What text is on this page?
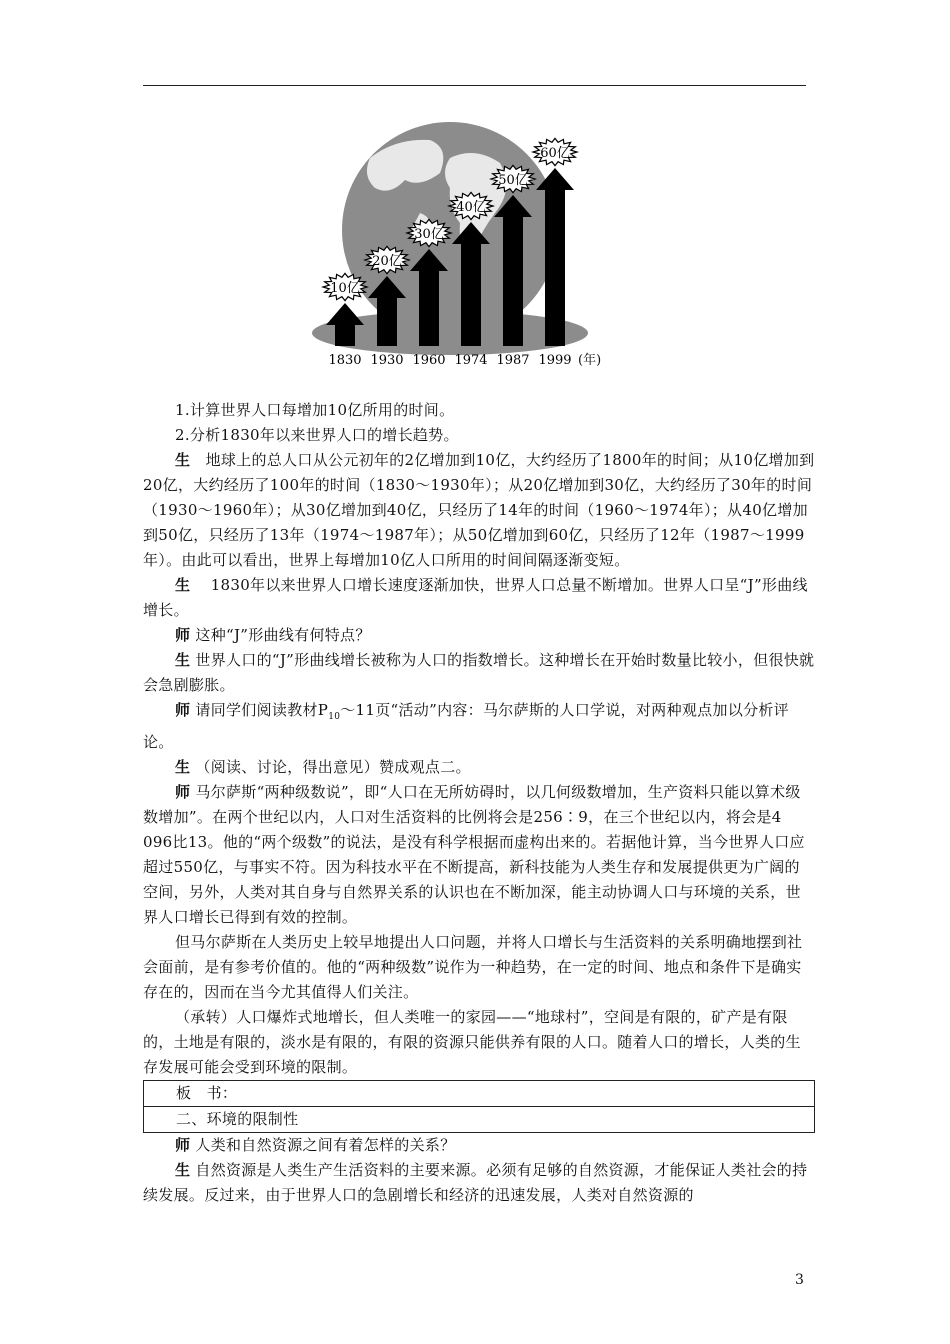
10亿
20亿
30亿
40亿
50亿
60亿
1830 1930 1960 1974 1987 1999 (年)

1.计算世界人口每增加10亿所用的时间。

2.分析1830年以来世界人口的增长趋势。

生　 地球上的总人口从公元初年的2亿增加到10亿，大约经历了1800年的时间；从10亿增加到20亿，大约经历了100年的时间（1830～1930年）；从20亿增加到30亿，大约经历了30年的时间（1930～1960年）；从30亿增加到40亿，只经历了14年的时间（1960～1974年）；从40亿增加到50亿，只经历了13年（1974～1987年）；从50亿增加到60亿，只经历了12年（1987～1999年）。由此可以看出，世界上每增加10亿人口所用的时间间隔逐渐变短。

生　 1830年以来世界人口增长速度逐渐加快，世界人口总量不断增加。世界人口呈“J”形曲线增长。

师 这种“J”形曲线有何特点？

生 世界人口的“J”形曲线增长被称为人口的指数增长。这种增长在开始时数量比较小，但很快就会急剧膨胀。

师 请同学们阅读教材$P_{10}\sim 11$页“活动”内容：马尔萨斯的人口学说，对两种观点加以分析评论。

生 （阅读、讨论，得出意见）赞成观点二。

师 马尔萨斯“两种级数说”，即“人口在无所妨碍时，以几何级数增加，生产资料只能以算术级数增加”。在两个世纪以内，人口对生活资料的比例将会是256∶9，在三个世纪以内，将会是4 096比13。他的“两个级数”的说法，是没有科学根据而虚构出来的。若据他计算，当今世界人口应超过550亿，与事实不符。因为科技水平在不断提高，新科技能为人类生存和发展提供更为广阔的空间，另外，人类对其自身与自然界关系的认识也在不断加深，能主动协调人口与环境的关系，世界人口增长已得到有效的控制。

但马尔萨斯在人类历史上较早地提出人口问题，并将人口增长与生活资料的关系明确地摆到社会面前，是有参考价值的。他的“两种级数”说作为一种趋势，在一定的时间、地点和条件下是确实存在的，因而在当今尤其值得人们关注。

（承转）人口爆炸式地增长，但人类唯一的家园——“地球村”，空间是有限的，矿产是有限的，土地是有限的，淡水是有限的，有限的资源只能供养有限的人口。随着人口的增长，人类的生存发展可能会受到环境的限制。

板　书：
二、环境的限制性

师 人类和自然资源之间有着怎样的关系？

生 自然资源是人类生产生活资料的主要来源。必须有足够的自然资源，才能保证人类社会的持续发展。反过来，由于世界人口的急剧增长和经济的迅速发展，人类对自然资源的

3
